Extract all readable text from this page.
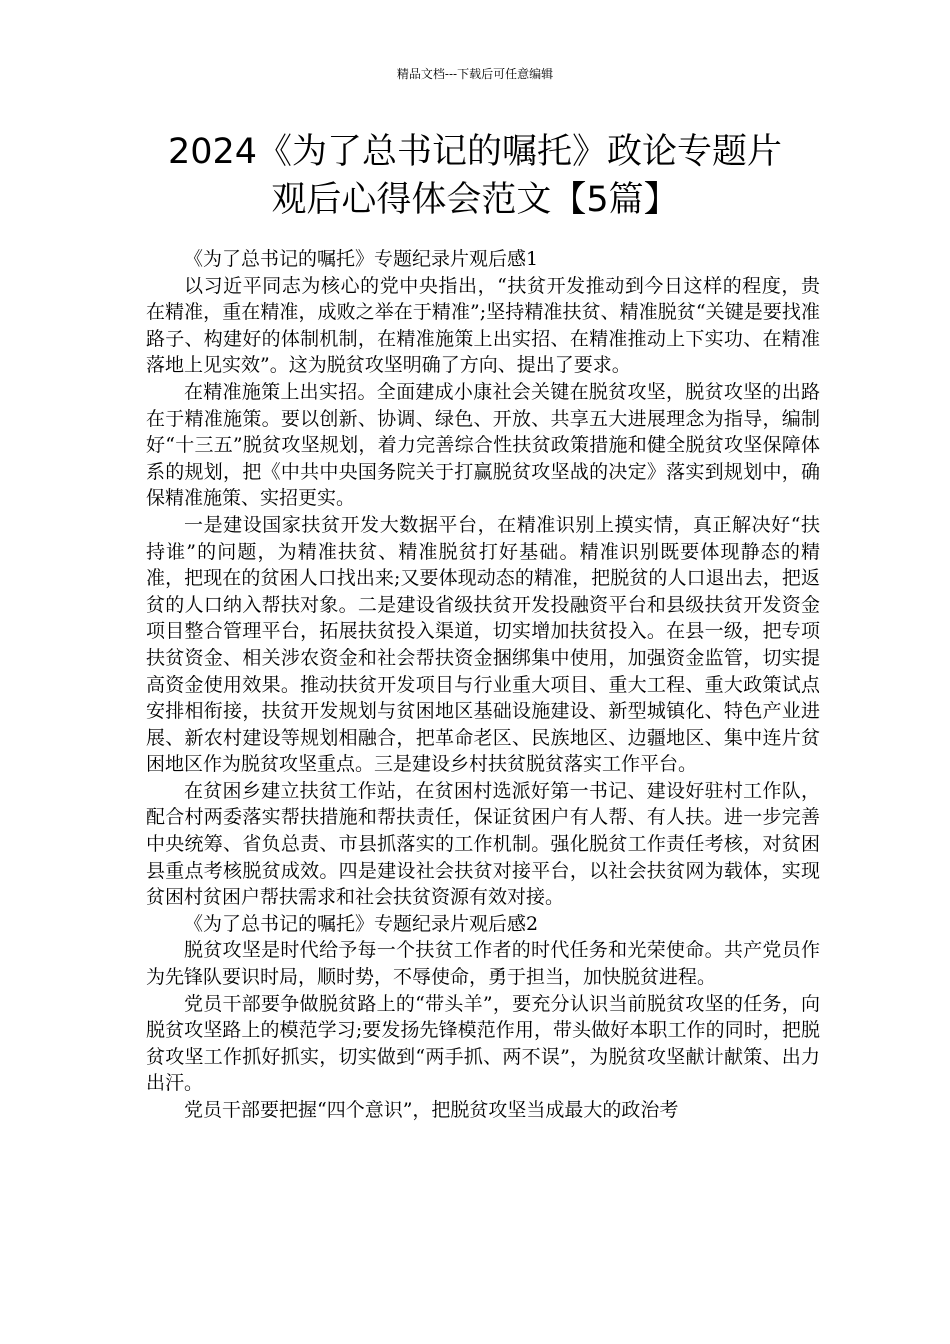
精品文档---下载后可任意编辑
2024《为了总书记的嘱托》政论专题片
观后心得体会范文【5篇】

《为了总书记的嘱托》专题纪录片观后感1

以习近平同志为核心的党中央指出，“扶贫开发推动到今日这样的程度，贵在精准，重在精准，成败之举在于精准”;坚持精准扶贫、精准脱贫“关键是要找准路子、构建好的体制机制，在精准施策上出实招、在精准推动上下实功、在精准落地上见实效”。这为脱贫攻坚明确了方向、提出了要求。

在精准施策上出实招。全面建成小康社会关键在脱贫攻坚，脱贫攻坚的出路在于精准施策。要以创新、协调、绿色、开放、共享五大进展理念为指导，编制好“十三五”脱贫攻坚规划，着力完善综合性扶贫政策措施和健全脱贫攻坚保障体系的规划，把《中共中央国务院关于打赢脱贫攻坚战的决定》落实到规划中，确保精准施策、实招更实。

一是建设国家扶贫开发大数据平台，在精准识别上摸实情，真正解决好“扶持谁”的问题，为精准扶贫、精准脱贫打好基础。精准识别既要体现静态的精准，把现在的贫困人口找出来;又要体现动态的精准，把脱贫的人口退出去，把返贫的人口纳入帮扶对象。二是建设省级扶贫开发投融资平台和县级扶贫开发资金项目整合管理平台，拓展扶贫投入渠道，切实增加扶贫投入。在县一级，把专项扶贫资金、相关涉农资金和社会帮扶资金捆绑集中使用，加强资金监管，切实提高资金使用效果。推动扶贫开发项目与行业重大项目、重大工程、重大政策试点安排相衔接，扶贫开发规划与贫困地区基础设施建设、新型城镇化、特色产业进展、新农村建设等规划相融合，把革命老区、民族地区、边疆地区、集中连片贫困地区作为脱贫攻坚重点。三是建设乡村扶贫脱贫落实工作平台。

在贫困乡建立扶贫工作站，在贫困村选派好第一书记、建设好驻村工作队，配合村两委落实帮扶措施和帮扶责任，保证贫困户有人帮、有人扶。进一步完善中央统筹、省负总责、市县抓落实的工作机制。强化脱贫工作责任考核，对贫困县重点考核脱贫成效。四是建设社会扶贫对接平台，以社会扶贫网为载体，实现贫困村贫困户帮扶需求和社会扶贫资源有效对接。

《为了总书记的嘱托》专题纪录片观后感2

脱贫攻坚是时代给予每一个扶贫工作者的时代任务和光荣使命。共产党员作为先锋队要识时局，顺时势，不辱使命，勇于担当，加快脱贫进程。

党员干部要争做脱贫路上的“带头羊”，要充分认识当前脱贫攻坚的任务，向脱贫攻坚路上的模范学习;要发扬先锋模范作用，带头做好本职工作的同时，把脱贫攻坚工作抓好抓实，切实做到“两手抓、两不误”，为脱贫攻坚献计献策、出力出汗。

党员干部要把握“四个意识”，把脱贫攻坚当成最大的政治考
